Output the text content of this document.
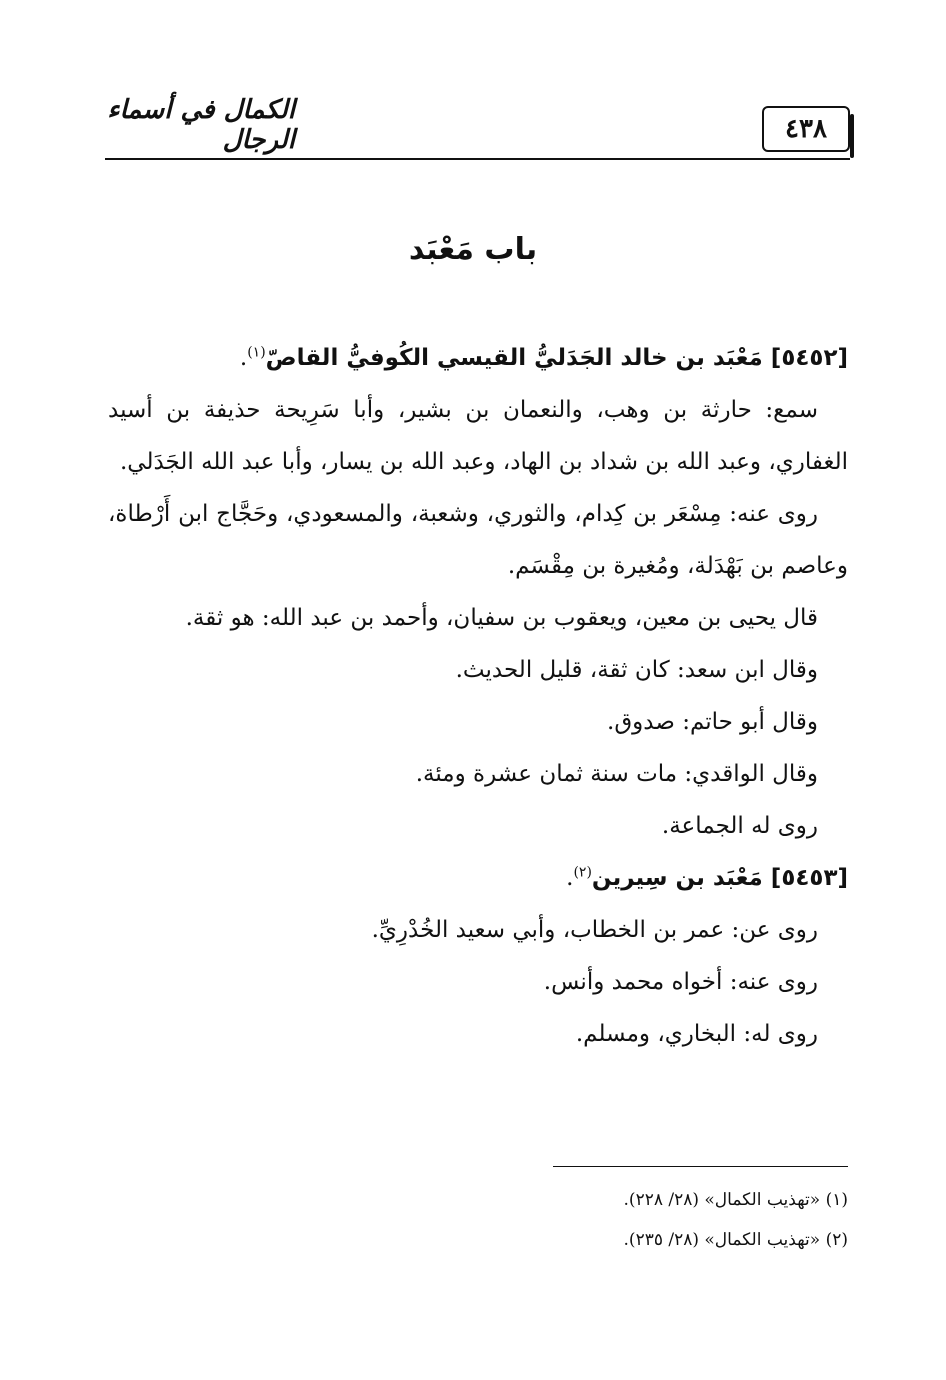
٤٣٨
الكمال في أسماء الرجال
باب مَعْبَد

[٥٤٥٢] مَعْبَد بن خالد الجَدَليُّ القيسي الكُوفيُّ القاصّ$^{(١)}$.

سمع: حارثة بن وهب، والنعمان بن بشير، وأبا سَرِيحة حذيفة بن أسيد الغفاري، وعبد الله بن شداد بن الهاد، وعبد الله بن يسار، وأبا عبد الله الجَدَلي.

روى عنه: مِسْعَر بن كِدام، والثوري، وشعبة، والمسعودي، وحَجَّاج ابن أَرْطاة، وعاصم بن بَهْدَلة، ومُغيرة بن مِقْسَم.

قال يحيى بن معين، ويعقوب بن سفيان، وأحمد بن عبد الله: هو ثقة.

وقال ابن سعد: كان ثقة، قليل الحديث.

وقال أبو حاتم: صدوق.

وقال الواقدي: مات سنة ثمان عشرة ومئة.

روى له الجماعة.

[٥٤٥٣] مَعْبَد بن سِيرين$^{(٢)}$.

روى عن: عمر بن الخطاب، وأبي سعيد الخُدْرِيِّ.

روى عنه: أخواه محمد وأنس.

روى له: البخاري، ومسلم.

(١) «تهذيب الكمال» (٢٨/ ٢٢٨).

(٢) «تهذيب الكمال» (٢٨/ ٢٣٥).
